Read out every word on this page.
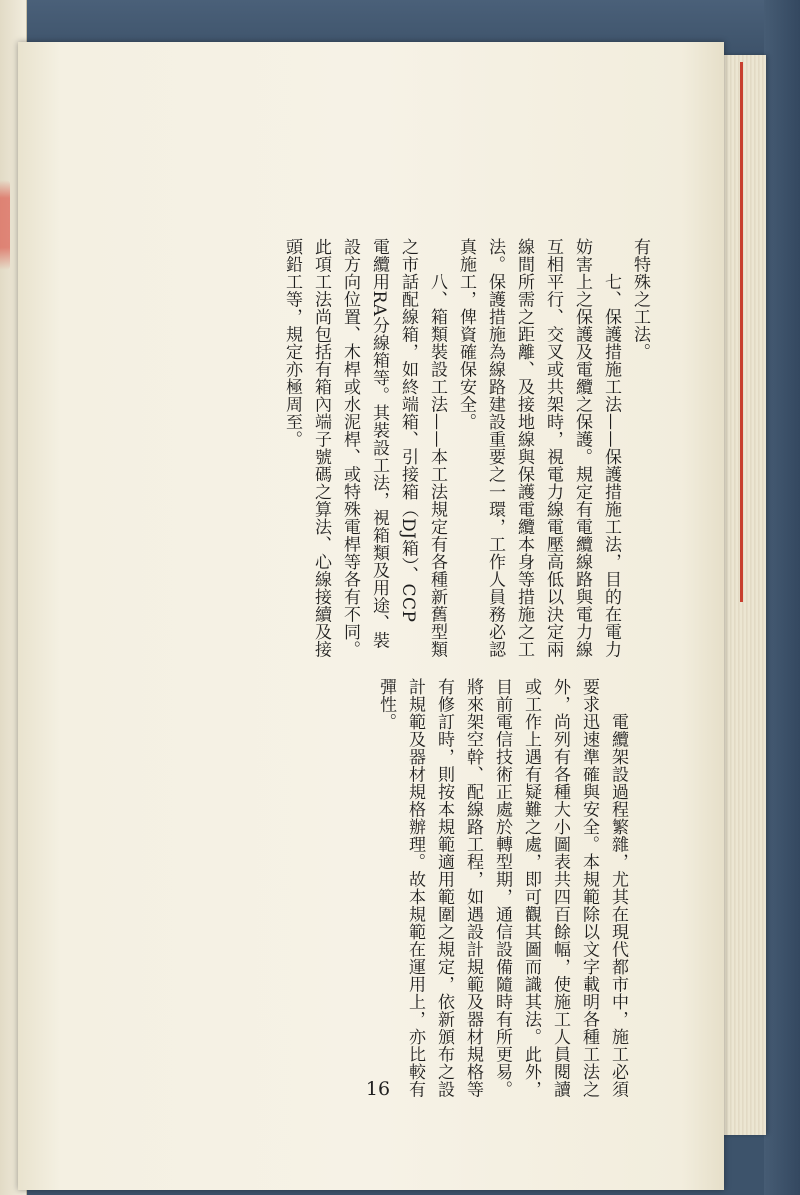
有特殊之工法。
　　七、保護措施工法——保護措施工法，目的在電力
妨害上之保護及電纜之保護。規定有電纜線路與電力線
互相平行、交叉或共架時，視電力線電壓高低以決定兩
線間所需之距離、及接地線與保護電纜本身等措施之工
法。保護措施為線路建設重要之一環，工作人員務必認
真施工，俾資確保安全。
　　八、箱類裝設工法——本工法規定有各種新舊型類
之市話配線箱，如終端箱、引接箱（DJ箱）、CCP
電纜用RA分線箱等。其裝設工法，視箱類及用途、裝
設方向位置、木桿或水泥桿、或特殊電桿等各有不同。
此項工法尚包括有箱內端子號碼之算法、心線接續及接
頭鉛工等，規定亦極周至。
　　電纜架設過程繁雜，尤其在現代都市中，施工必須
要求迅速準確與安全。本規範除以文字載明各種工法之
外，尚列有各種大小圖表共四百餘幅，使施工人員閱讀
或工作上遇有疑難之處，即可觀其圖而識其法。此外，
目前電信技術正處於轉型期，通信設備隨時有所更易。
將來架空幹、配線路工程，如遇設計規範及器材規格等
有修訂時，則按本規範適用範圍之規定，依新頒布之設
計規範及器材規格辦理。故本規範在運用上，亦比較有
彈性。
16
